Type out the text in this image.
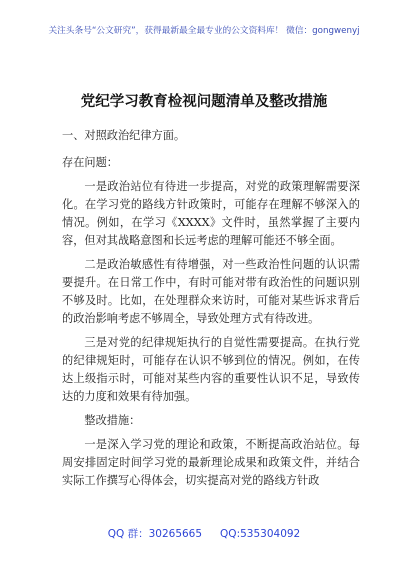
关注头条号“公文研究”，获得最新最全最专业的公文资料库！ 微信：gongwenyj
党纪学习教育检视问题清单及整改措施

一、对照政治纪律方面。

存在问题：

一是政治站位有待进一步提高，对党的政策理解需要深化。在学习党的路线方针政策时，可能存在理解不够深入的情况。例如，在学习《XXXX》文件时，虽然掌握了主要内容，但对其战略意图和长远考虑的理解可能还不够全面。

二是政治敏感性有待增强，对一些政治性问题的认识需要提升。在日常工作中，有时可能对带有政治性的问题识别不够及时。比如，在处理群众来访时，可能对某些诉求背后的政治影响考虑不够周全，导致处理方式有待改进。

三是对党的纪律规矩执行的自觉性需要提高。在执行党的纪律规矩时，可能存在认识不够到位的情况。例如，在传达上级指示时，可能对某些内容的重要性认识不足，导致传达的力度和效果有待加强。

整改措施：

一是深入学习党的理论和政策，不断提高政治站位。每周安排固定时间学习党的最新理论成果和政策文件，并结合实际工作撰写心得体会，切实提高对党的路线方针政

QQ 群：30265665 QQ:535304092
